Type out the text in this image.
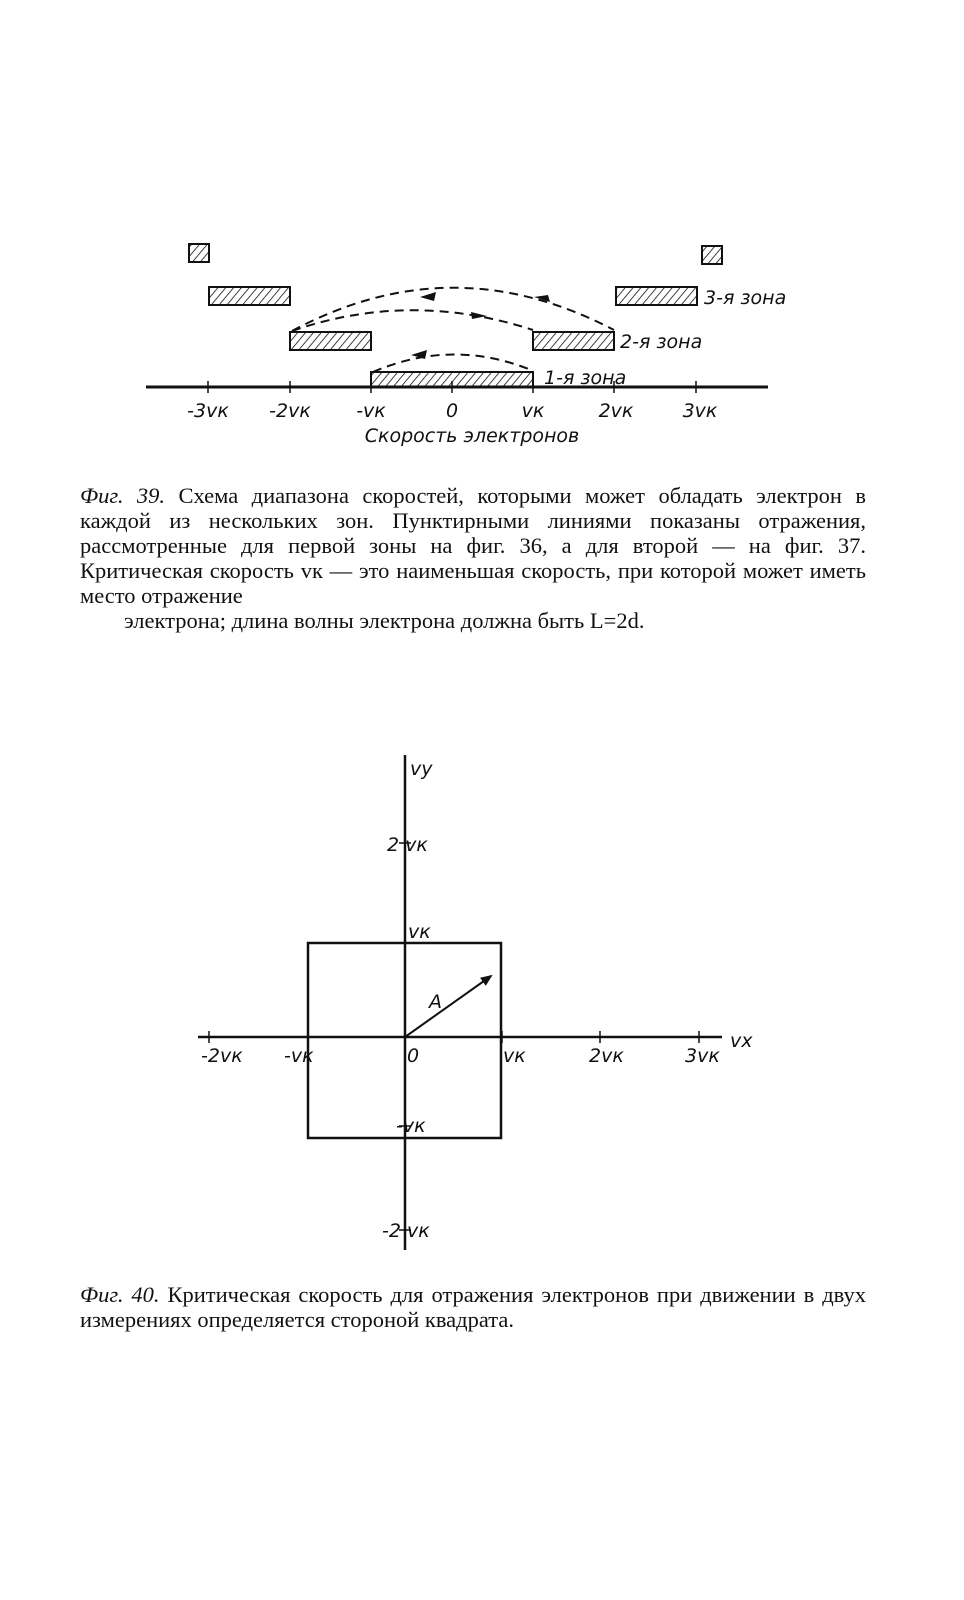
1-я зона
2-я зона
3-я зона
-3vк -2vк -vк	0	vк	2vк	3vк
Скорость электронов
Фиг. 39. Схема диапазона скоростей, которыми может обладать электрон в каждой из нескольких зон. Пунктирными линиями показаны отражения, рассмотренные для первой зоны на фиг. 36, а для второй — на фиг. 37. Критическая скорость vк — это наименьшая скорость, при которой может иметь место отражение
электрона; длина волны электрона должна быть L=2d.
A
vx
vy
-2vк -vк	0	vк	2vк	3vк
2 vк
vк
-vк
-2 vк
Фиг. 40. Критическая скорость для отражения электронов при движении в двух измерениях определяется стороной квадрата.
